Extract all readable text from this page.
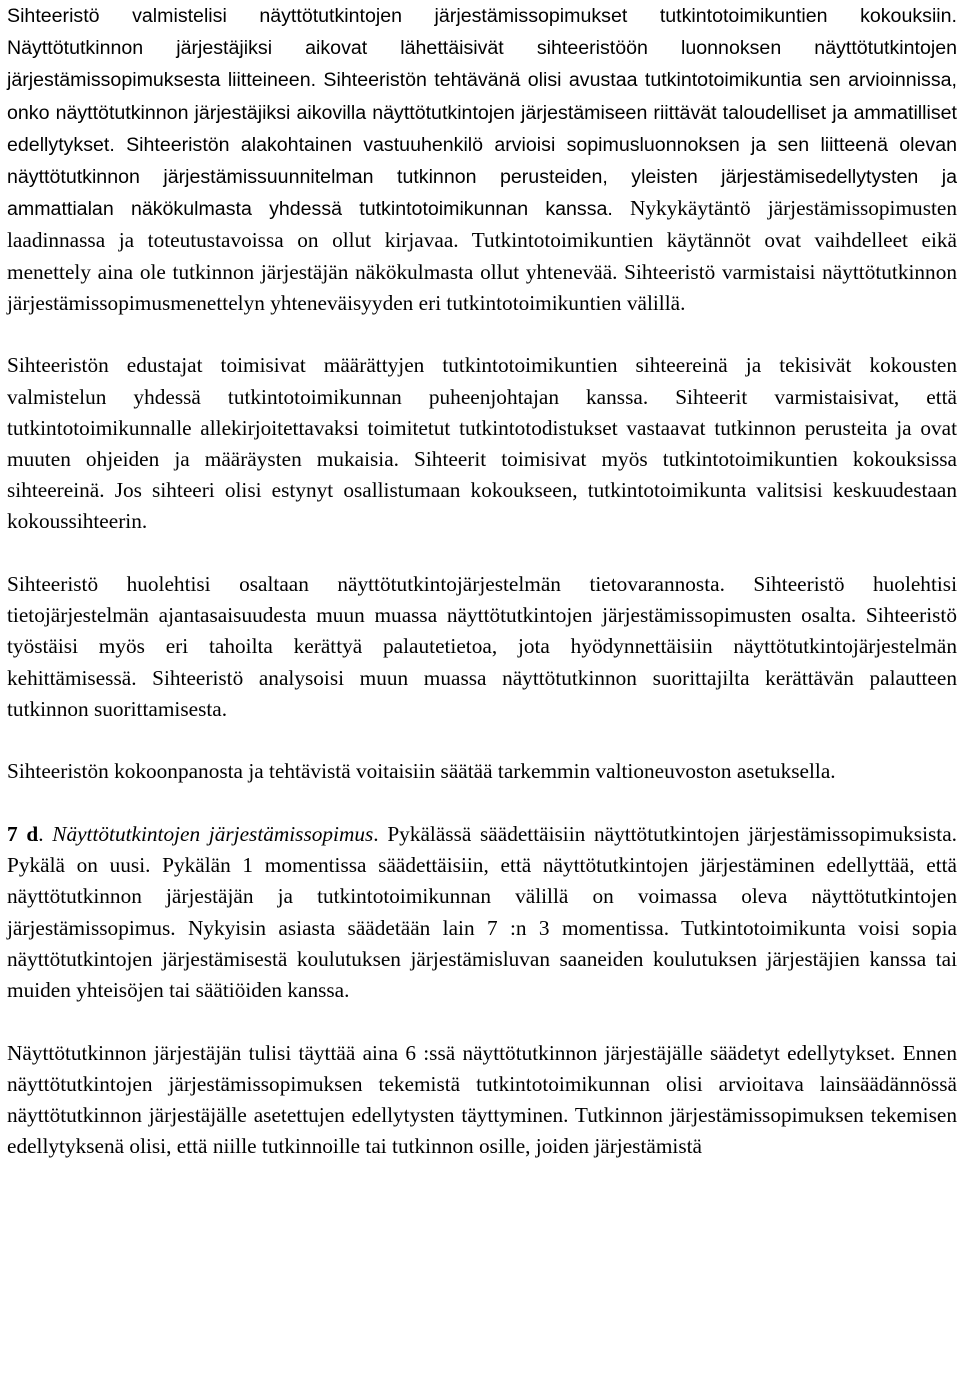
Sihteeristö valmistelisi näyttötutkintojen järjestämissopimukset tutkintotoimikuntien kokouksiin. Näyttötutkinnon järjestäjiksi aikovat lähettäisivät sihteeristöön luonnoksen näyttötutkintojen järjestämissopimuksesta liitteineen. Sihteeristön tehtävänä olisi avustaa tutkintotoimikuntia sen arvioinnissa, onko näyttötutkinnon järjestäjiksi aikovilla näyttötutkintojen järjestämiseen riittävät taloudelliset ja ammatilliset edellytykset. Sihteeristön alakohtainen vastuuhenkilö arvioisi sopimusluonnoksen ja sen liitteenä olevan näyttötutkinnon järjestämissuunnitelman tutkinnon perusteiden, yleisten järjestämisedellytysten ja ammattialan näkökulmasta yhdessä tutkintotoimikunnan kanssa. Nykykäytäntö järjestämissopimusten laadinnassa ja toteutustavoissa on ollut kirjavaa. Tutkintotoimikuntien käytännöt ovat vaihdelleet eikä menettely aina ole tutkinnon järjestäjän näkökulmasta ollut yhtenevää. Sihteeristö varmistaisi näyttötutkinnon järjestämissopimusmenettelyn yhteneväisyyden eri tutkintotoimikuntien välillä.

Sihteeristön edustajat toimisivat määrättyjen tutkintotoimikuntien sihteereinä ja tekisivät kokousten valmistelun yhdessä tutkintotoimikunnan puheenjohtajan kanssa. Sihteerit varmistaisivat, että tutkintotoimikunnalle allekirjoitettavaksi toimitetut tutkintotodistukset vastaavat tutkinnon perusteita ja ovat muuten ohjeiden ja määräysten mukaisia. Sihteerit toimisivat myös tutkintotoimikuntien kokouksissa sihteereinä. Jos sihteeri olisi estynyt osallistumaan kokoukseen, tutkintotoimikunta valitsisi keskuudestaan kokoussihteerin.

Sihteeristö huolehtisi osaltaan näyttötutkintojärjestelmän tietovarannosta. Sihteeristö huolehtisi tietojärjestelmän ajantasaisuudesta muun muassa näyttötutkintojen järjestämissopimusten osalta. Sihteeristö työstäisi myös eri tahoilta kerättyä palautetietoa, jota hyödynnettäisiin näyttötutkintojärjestelmän kehittämisessä. Sihteeristö analysoisi muun muassa näyttötutkinnon suorittajilta kerättävän palautteen tutkinnon suorittamisesta.

Sihteeristön kokoonpanosta ja tehtävistä voitaisiin säätää tarkemmin valtioneuvoston asetuksella.

7 d. Näyttötutkintojen järjestämissopimus. Pykälässä säädettäisiin näyttötutkintojen järjestämissopimuksista. Pykälä on uusi. Pykälän 1 momentissa säädettäisiin, että näyttötutkintojen järjestäminen edellyttää, että näyttötutkinnon järjestäjän ja tutkintotoimikunnan välillä on voimassa oleva näyttötutkintojen järjestämissopimus. Nykyisin asiasta säädetään lain 7 :n 3 momentissa. Tutkintotoimikunta voisi sopia näyttötutkintojen järjestämisestä koulutuksen järjestämisluvan saaneiden koulutuksen järjestäjien kanssa tai muiden yhteisöjen tai säätiöiden kanssa.

Näyttötutkinnon järjestäjän tulisi täyttää aina 6 :ssä näyttötutkinnon järjestäjälle säädetyt edellytykset. Ennen näyttötutkintojen järjestämissopimuksen tekemistä tutkintotoimikunnan olisi arvioitava lainsäädännössä näyttötutkinnon järjestäjälle asetettujen edellytysten täyttyminen. Tutkinnon järjestämissopimuksen tekemisen edellytyksenä olisi, että niille tutkinnoille tai tutkinnon osille, joiden järjestämistä
